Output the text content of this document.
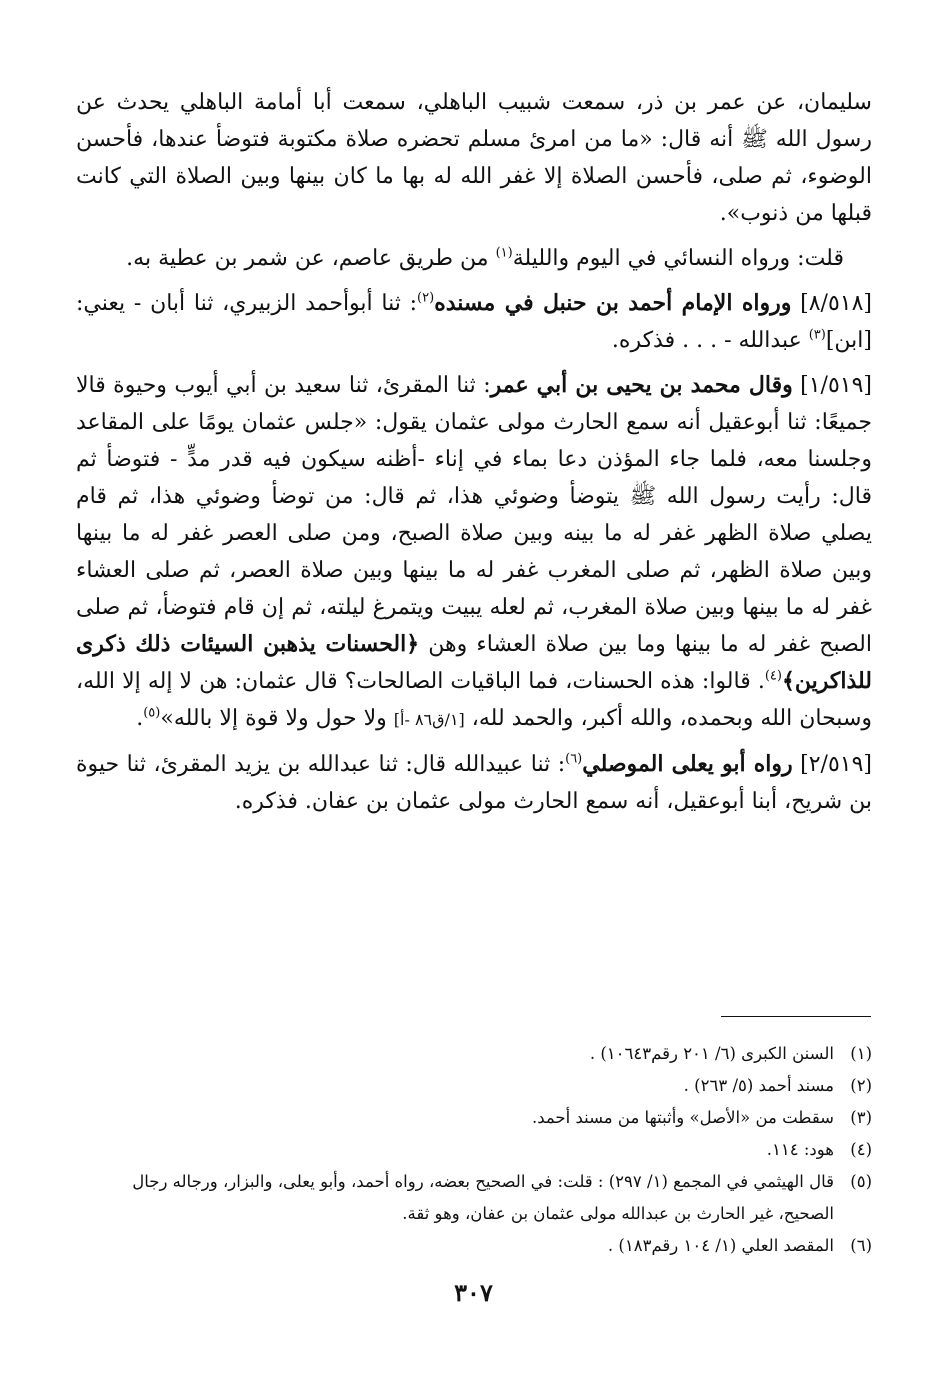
سليمان، عن عمر بن ذر، سمعت شبيب الباهلي، سمعت أبا أمامة الباهلي يحدث عن رسول الله ﷺ أنه قال: «ما من امرئ مسلم تحضره صلاة مكتوبة فتوضأ عندها، فأحسن الوضوء، ثم صلى، فأحسن الصلاة إلا غفر الله له بها ما كان بينها وبين الصلاة التي كانت قبلها من ذنوب».

قلت: ورواه النسائي في اليوم والليلة$^{(١)}$ من طريق عاصم، عن شمر بن عطية به.

[٨/٥١٨] ورواه الإمام أحمد بن حنبل في مسنده$^{(٢)}$: ثنا أبوأحمد الزبيري، ثنا أبان - يعني: [ابن]$^{(٣)}$ عبدالله - . . . فذكره.

[١/٥١٩] وقال محمد بن يحيى بن أبي عمر: ثنا المقرئ، ثنا سعيد بن أبي أيوب وحيوة قالا جميعًا: ثنا أبوعقيل أنه سمع الحارث مولى عثمان يقول: «جلس عثمان يومًا على المقاعد وجلسنا معه، فلما جاء المؤذن دعا بماء في إناء -أظنه سيكون فيه قدر مدٍّ - فتوضأ ثم قال: رأيت رسول الله ﷺ يتوضأ وضوئي هذا، ثم قال: من توضأ وضوئي هذا، ثم قام يصلي صلاة الظهر غفر له ما بينه وبين صلاة الصبح، ومن صلى العصر غفر له ما بينها وبين صلاة الظهر، ثم صلى المغرب غفر له ما بينها وبين صلاة العصر، ثم صلى العشاء غفر له ما بينها وبين صلاة المغرب، ثم لعله يبيت ويتمرغ ليلته، ثم إن قام فتوضأ، ثم صلى الصبح غفر له ما بينها وما بين صلاة العشاء وهن ﴿الحسنات يذهبن السيئات ذلك ذكرى للذاكرين﴾$^{(٤)}$. قالوا: هذه الحسنات، فما الباقيات الصالحات؟ قال عثمان: هن لا إله إلا الله، وسبحان الله وبحمده، والله أكبر، والحمد لله، [١/ق٨٦ -أ] ولا حول ولا قوة إلا بالله»$^{(٥)}$.

[٢/٥١٩] رواه أبو يعلى الموصلي$^{(٦)}$: ثنا عبيدالله قال: ثنا عبدالله بن يزيد المقرئ، ثنا حيوة بن شريح، أبنا أبوعقيل، أنه سمع الحارث مولى عثمان بن عفان. فذكره.

(١)
السنن الكبرى (٦/ ٢٠١ رقم١٠٦٤٣) .
(٢)
مسند أحمد (٥/ ٢٦٣) .
(٣)
سقطت من «الأصل» وأثبتها من مسند أحمد.
(٤)
هود: ١١٤.
(٥)
قال الهيثمي في المجمع (١/ ٢٩٧) : قلت: في الصحيح بعضه، رواه أحمد، وأبو يعلى، والبزار، ورجاله رجال الصحيح، غير الحارث بن عبدالله مولى عثمان بن عفان، وهو ثقة.
(٦)
المقصد العلي (١/ ١٠٤ رقم١٨٣) .
٣٠٧
